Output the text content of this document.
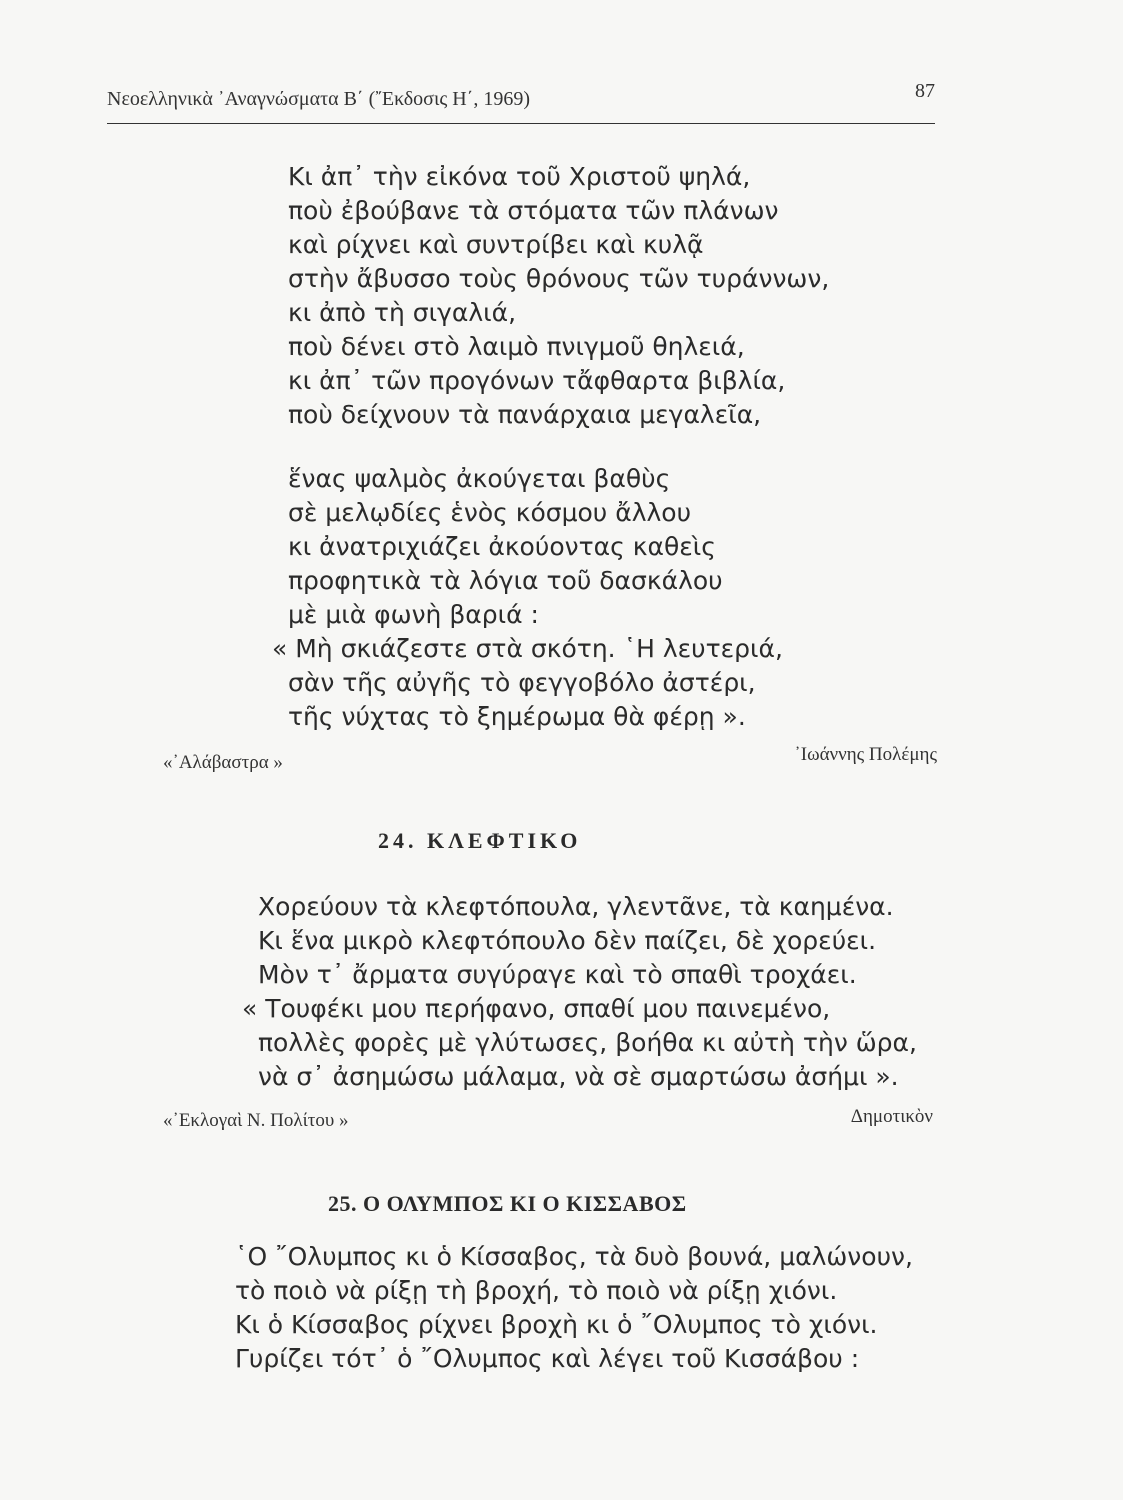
Νεοελληνικὰ ᾿Αναγνώσματα Β΄ (῎Εκδοσις Η΄, 1969)	87
Κι ἀπ᾿ τὴν εἰκόνα τοῦ Χριστοῦ ψηλά,
ποὺ ἐβούβανε τὰ στόματα τῶν πλάνων
καὶ ρίχνει καὶ συντρίβει καὶ κυλᾷ
στὴν ἄβυσσο τοὺς θρόνους τῶν τυράννων,
κι ἀπὸ τὴ σιγαλιά,
ποὺ δένει στὸ λαιμὸ πνιγμοῦ θηλειά,
κι ἀπ᾿ τῶν προγόνων τἄφθαρτα βιβλία,
ποὺ δείχνουν τὰ πανάρχαια μεγαλεῖα,
ἕνας ψαλμὸς ἀκούγεται βαθὺς
σὲ μελῳδίες ἑνὸς κόσμου ἄλλου
κι ἀνατριχιάζει ἀκούοντας καθεὶς
προφητικὰ τὰ λόγια τοῦ δασκάλου
μὲ μιὰ φωνὴ βαριά :
« Μὴ σκιάζεστε στὰ σκότη. ῾Η λευτεριά,
σὰν τῆς αὐγῆς τὸ φεγγοβόλο ἀστέρι,
τῆς νύχτας τὸ ξημέρωμα θὰ φέρῃ ».
«᾿Αλάβαστρα »	᾿Ιωάννης Πολέμης
24. ΚΛΕΦΤΙΚΟ
Χορεύουν τὰ κλεφτόπουλα, γλεντᾶνε, τὰ καημένα.
Κι ἕνα μικρὸ κλεφτόπουλο δὲν παίζει, δὲ χορεύει.
Μὸν τ᾿ ἄρματα συγύραγε καὶ τὸ σπαθὶ τροχάει.
« Τουφέκι μου περήφανο, σπαθί μου παινεμένο,
πολλὲς φορὲς μὲ γλύτωσες, βοήθα κι αὐτὴ τὴν ὥρα,
νὰ σ᾿ ἀσημώσω μάλαμα, νὰ σὲ σμαρτώσω ἀσήμι ».
«᾿Εκλογαὶ Ν. Πολίτου »	Δημοτικὸν
25. Ο ΟΛΥΜΠΟΣ ΚΙ Ο ΚΙΣΣΑΒΟΣ
῾Ο ῎Ολυμπος κι ὁ Κίσσαβος, τὰ δυὸ βουνά, μαλώνουν,
τὸ ποιὸ νὰ ρίξῃ τὴ βροχή, τὸ ποιὸ νὰ ρίξῃ χιόνι.
Κι ὁ Κίσσαβος ρίχνει βροχὴ κι ὁ ῎Ολυμπος τὸ χιόνι.
Γυρίζει τότ᾿ ὁ ῎Ολυμπος καὶ λέγει τοῦ Κισσάβου :
